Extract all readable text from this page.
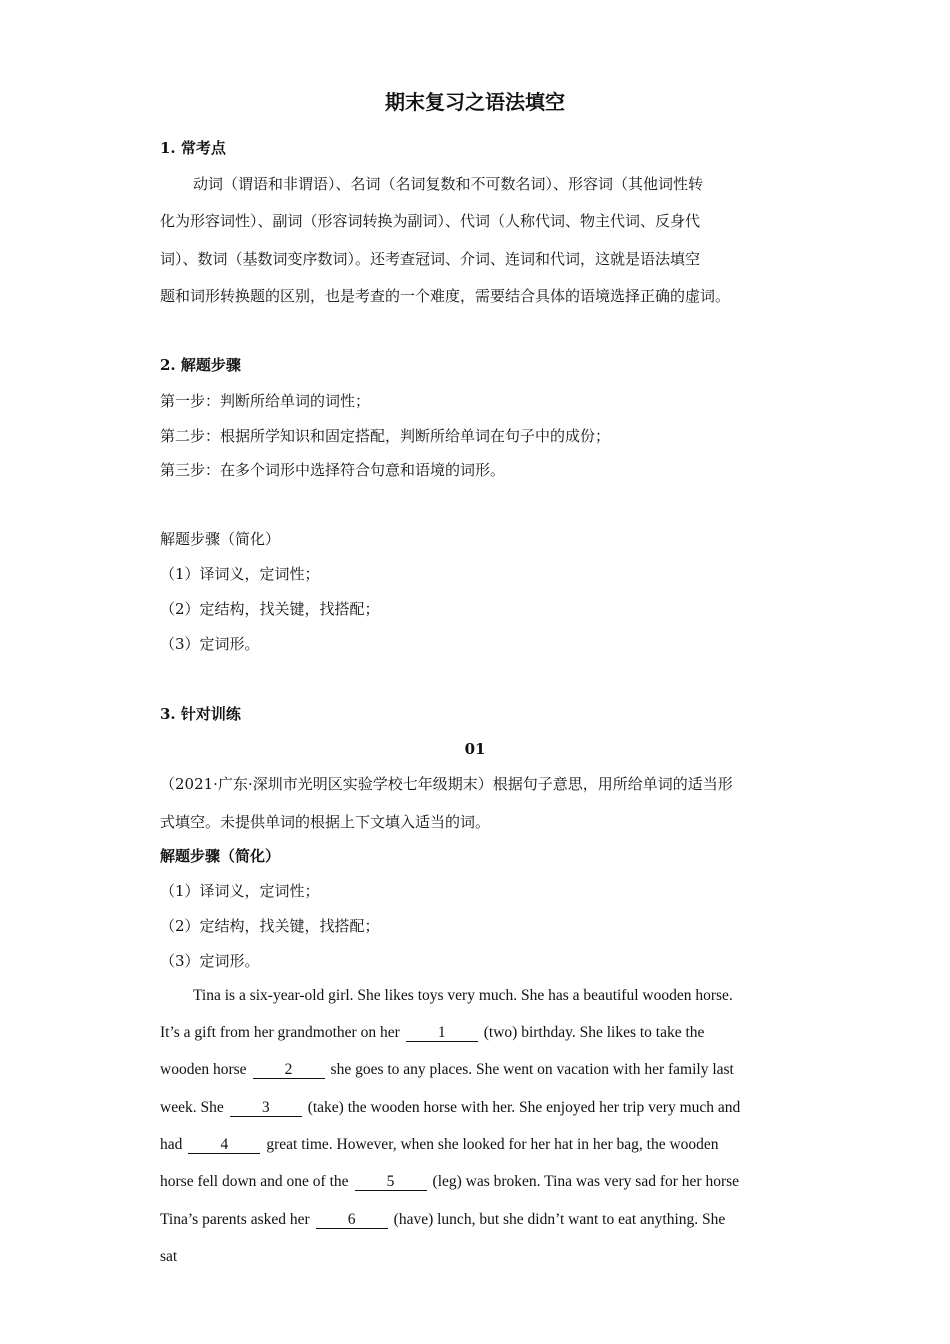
期末复习之语法填空
1. 常考点
动词（谓语和非谓语）、名词（名词复数和不可数名词）、形容词（其他词性转
化为形容词性）、副词（形容词转换为副词）、代词（人称代词、物主代词、反身代
词）、数词（基数词变序数词）。还考查冠词、介词、连词和代词，这就是语法填空
题和词形转换题的区别，也是考查的一个难度，需要结合具体的语境选择正确的虚词。
2. 解题步骤
第一步：判断所给单词的词性；
第二步：根据所学知识和固定搭配，判断所给单词在句子中的成份；
第三步：在多个词形中选择符合句意和语境的词形。
解题步骤（简化）
（1）译词义，定词性；
（2）定结构，找关键，找搭配；
（3）定词形。
3. 针对训练
01
（2021·广东·深圳市光明区实验学校七年级期末）根据句子意思，用所给单词的适当形
式填空。未提供单词的根据上下文填入适当的词。
解题步骤（简化）
（1）译词义，定词性；
（2）定结构，找关键，找搭配；
（3）定词形。
Tina is a six-year-old girl. She likes toys very much. She has a beautiful wooden horse.
It’s a gift from her grandmother on her 1 (two) birthday. She likes to take the
wooden horse 2 she goes to any places. She went on vacation with her family last
week. She 3 (take) the wooden horse with her. She enjoyed her trip very much and
had 4 great time. However, when she looked for her hat in her bag, the wooden
horse fell down and one of the 5 (leg) was broken. Tina was very sad for her horse
Tina’s parents asked her 6 (have) lunch, but she didn’t want to eat anything. She
sat
